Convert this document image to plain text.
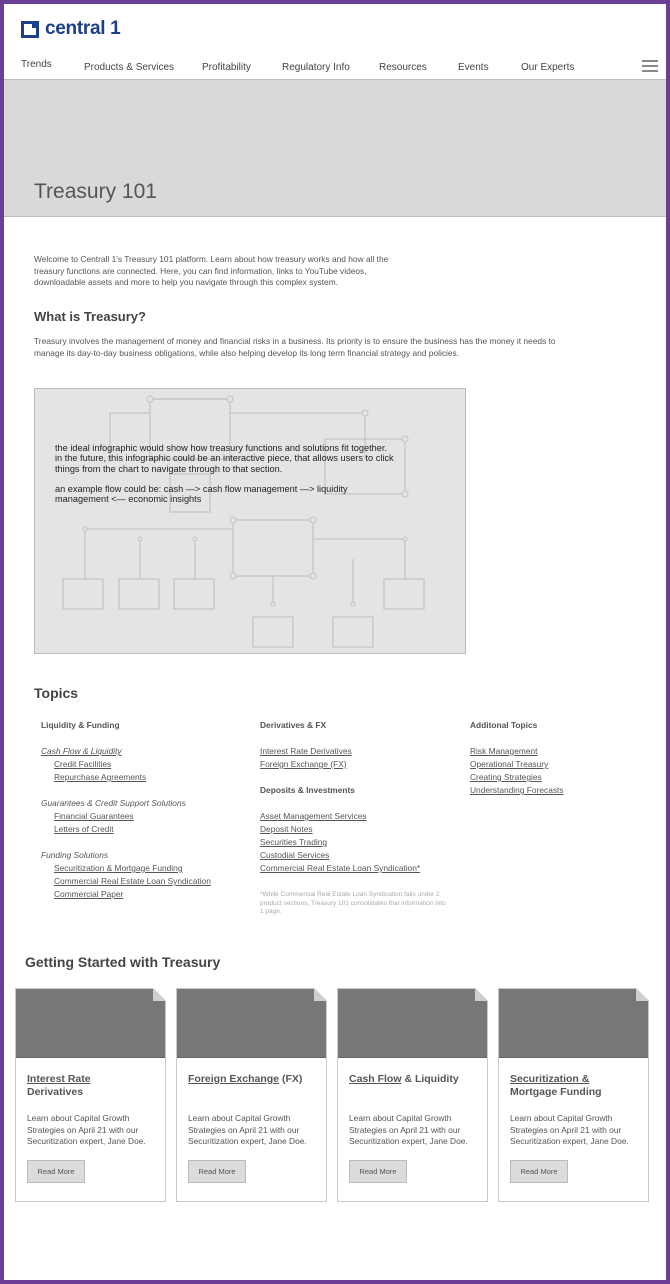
central 1
Trends	Products & Services	Profitability	Regulatory Info	Resources	Events	Our Experts
Treasury 101

Welcome to Centrall 1's Treasury 101 platform. Learn about how treasury works and how all the treasury functions are connected. Here, you can find information, links to YouTube videos, downloadable assets and more to help you navigate through this complex system.

What is Treasury?

Treasury involves the management of money and financial risks in a business. Its priority is to ensure the business has the money it needs to manage its day-to-day business obligations, while also helping develop its long term financial strategy and policies.

the ideal infographic would show how treasury functions and solutions fit together. in the future, this infographic could be an interactive piece, that allows users to click things from the chart to navigate through to that section.

an example flow could be: cash —> cash flow management —> liquidity management <— economic insights

Topics
Liquidity & Funding
Cash Flow & Liquidity
Credit Facilities
Repurchase Agreements
Guarantees & Credit Support Solutions
Financial Guarantees
Letters of Credit
Funding Solutions
Securitization & Mortgage Funding
Commercial Real Estate Loan Syndication
Commercial Paper
Derivatives & FX
Interest Rate Derivatives
Foreign Exchange (FX)
Deposits & Investments
Asset Management Services
Deposit Notes
Securities Trading
Custodial Services
Commercial Real Estate Loan Syndication*

*While Commercial Real Estate Loan Syndication falls under 2 product sections, Treasury 101 consolidates that information into 1 page.

Additonal Topics
Risk Management
Operational Treasury
Creating Strategies
Understanding Forecasts
Getting Started with Treasury
Interest Rate
Derivatives

Learn about Capital Growth Strategies on April 21 with our Securitization expert, Jane Doe.

Read More
Foreign Exchange (FX)

Learn about Capital Growth Strategies on April 21 with our Securitization expert, Jane Doe.

Read More
Cash Flow & Liquidity

Learn about Capital Growth Strategies on April 21 with our Securitization expert, Jane Doe.

Read More
Securitization &
Mortgage Funding

Learn about Capital Growth Strategies on April 21 with our Securitization expert, Jane Doe.

Read More
